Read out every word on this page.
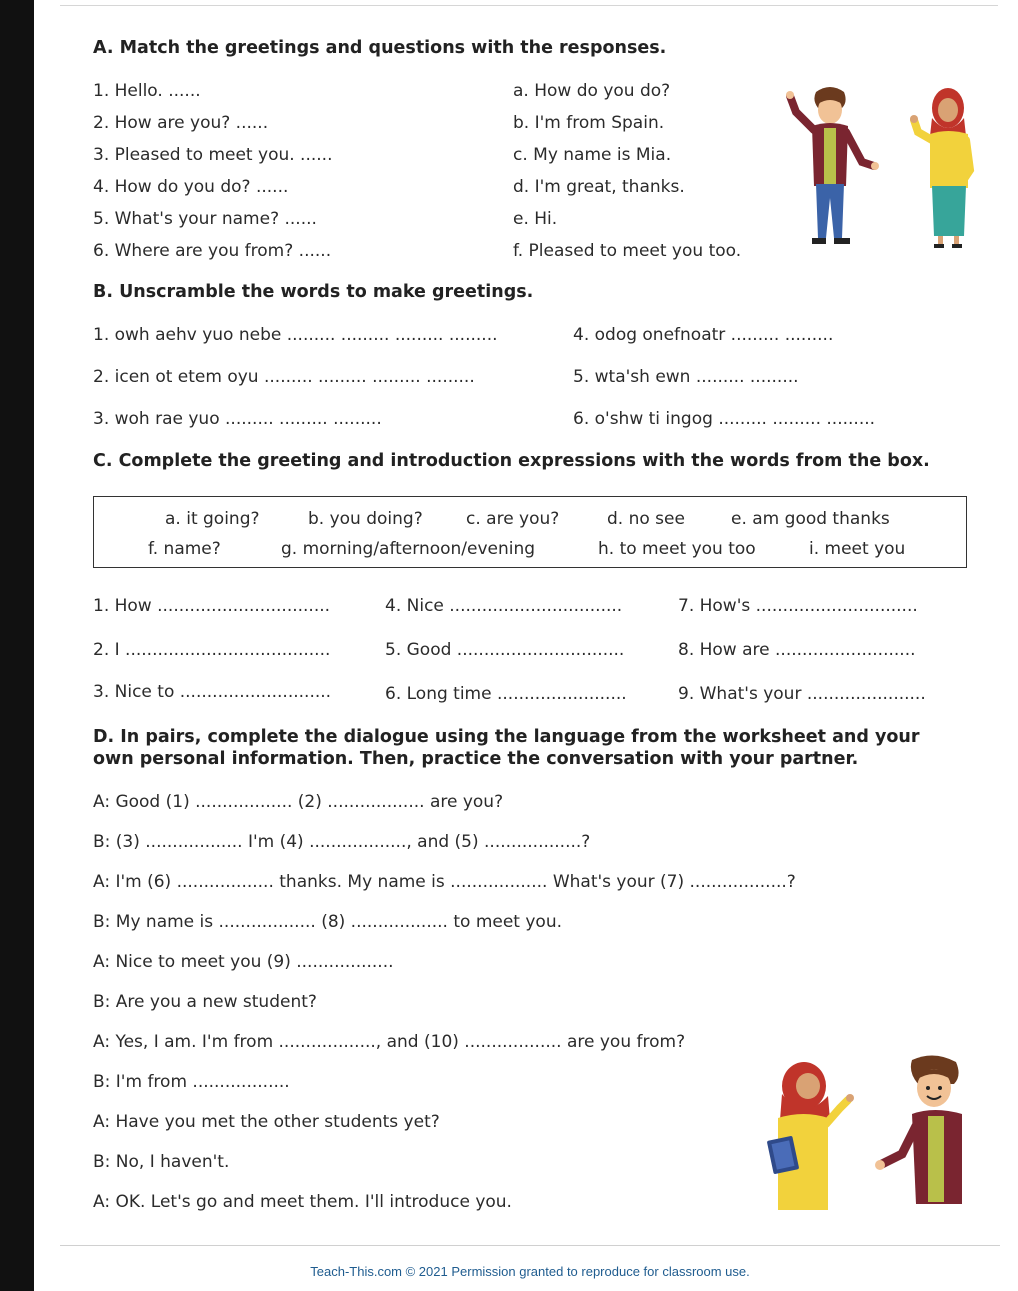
A. Match the greetings and questions with the responses.
1. Hello. ......
2. How are you? ......
3. Pleased to meet you. ......
4. How do you do? ......
5. What's your name? ......
6. Where are you from? ......
a. How do you do?
b. I'm from Spain.
c. My name is Mia.
d. I'm great, thanks.
e. Hi.
f. Pleased to meet you too.
B. Unscramble the words to make greetings.
1. owh aehv yuo nebe ......... ......... ......... .........
2. icen ot etem oyu ......... ......... ......... .........
3. woh rae yuo ......... ......... .........
4. odog onefnoatr ......... .........
5. wta'sh ewn ......... .........
6. o'shw ti ingog ......... ......... .........
C. Complete the greeting and introduction expressions with the words from the box.
a. it going?	b. you doing?	c. are you?	d. no see	e. am good thanks
f. name?	g. morning/afternoon/evening	h. to meet you too	i. meet you
1. How ................................
2. I ......................................
3. Nice to ............................
4. Nice ................................
5. Good ...............................
6. Long time ........................
7. How's ..............................
8. How are ..........................
9. What's your ......................
D. In pairs, complete the dialogue using the language from the worksheet and your
own personal information. Then, practice the conversation with your partner.
A: Good (1) .................. (2) .................. are you?
B: (3) .................. I'm (4) .................., and (5) ..................?
A: I'm (6) .................. thanks. My name is .................. What's your (7) ..................?
B: My name is .................. (8) .................. to meet you.
A: Nice to meet you (9) ..................
B: Are you a new student?
A: Yes, I am. I'm from .................., and (10) .................. are you from?
B: I'm from ..................
A: Have you met the other students yet?
B: No, I haven't.
A: OK. Let's go and meet them. I'll introduce you.
Teach-This.com © 2021 Permission granted to reproduce for classroom use.
